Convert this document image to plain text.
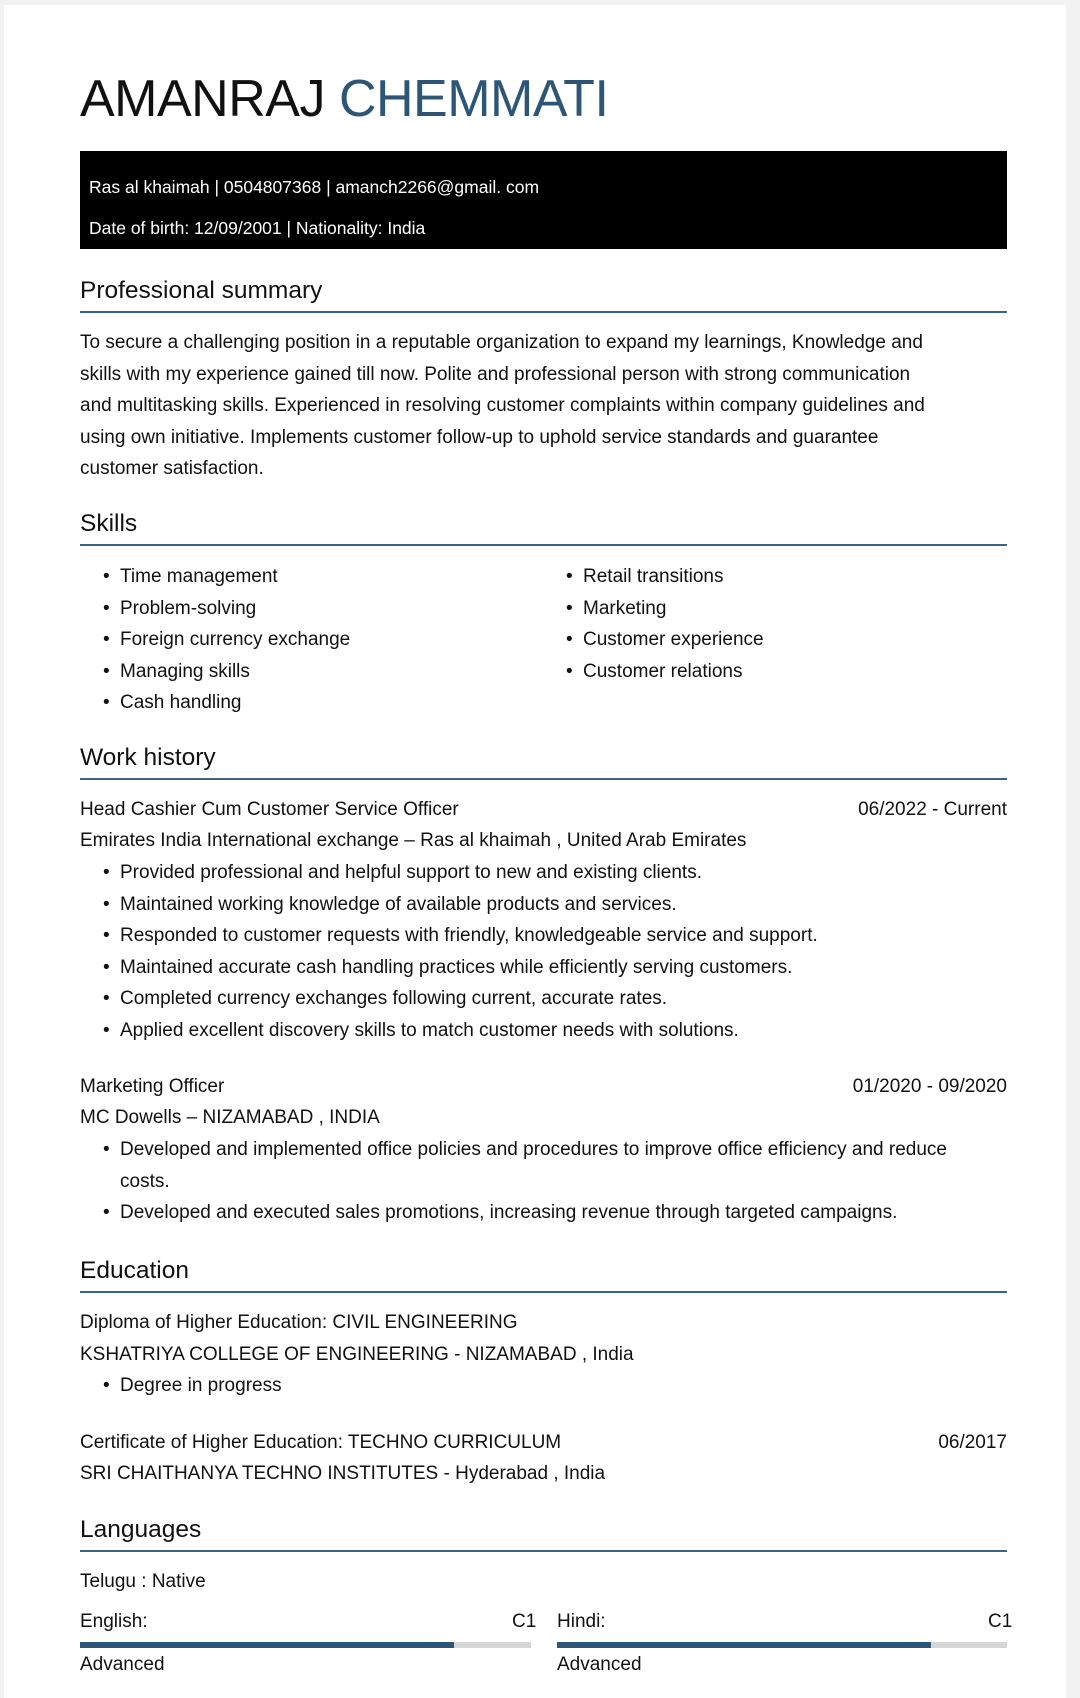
AMANRAJ CHEMMATI
Ras al khaimah | 0504807368 | amanch2266@gmail. com
Date of birth: 12/09/2001 | Nationality: India
Professional summary
To secure a challenging position in a reputable organization to expand my learnings, Knowledge and
skills with my experience gained till now. Polite and professional person with strong communication
and multitasking skills. Experienced in resolving customer complaints within company guidelines and
using own initiative. Implements customer follow-up to uphold service standards and guarantee
customer satisfaction.
Skills
• Time management
• Problem-solving
• Foreign currency exchange
• Managing skills
• Cash handling
• Retail transitions
• Marketing
• Customer experience
• Customer relations
Work history
Head Cashier Cum Customer Service Officer	06/2022 - Current
Emirates India International exchange – Ras al khaimah , United Arab Emirates
• Provided professional and helpful support to new and existing clients.
• Maintained working knowledge of available products and services.
• Responded to customer requests with friendly, knowledgeable service and support.
• Maintained accurate cash handling practices while efficiently serving customers.
• Completed currency exchanges following current, accurate rates.
• Applied excellent discovery skills to match customer needs with solutions.
Marketing Officer	01/2020 - 09/2020
MC Dowells – NIZAMABAD , INDIA
• Developed and implemented office policies and procedures to improve office efficiency and reduce costs.
• Developed and executed sales promotions, increasing revenue through targeted campaigns.
Education
Diploma of Higher Education: CIVIL ENGINEERING
KSHATRIYA COLLEGE OF ENGINEERING - NIZAMABAD , India
• Degree in progress
Certificate of Higher Education: TECHNO CURRICULUM	06/2017
SRI CHAITHANYA TECHNO INSTITUTES - Hyderabad , India
Languages
Telugu : Native
English:	C1
Advanced
Hindi:	C1
Advanced
